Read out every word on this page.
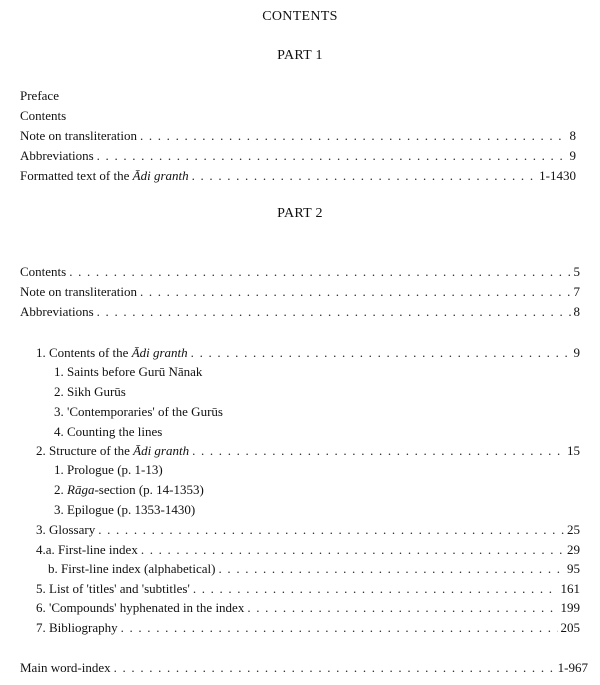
CONTENTS
PART 1
Preface
Contents
Note on transliteration . . .	8
Abbreviations . . .	9
Formatted text of the Ādi granth . . .	1-1430
PART 2
Contents . . .	5
Note on transliteration . . .	7
Abbreviations . . .	8
1. Contents of the Ādi granth . . .	9
1. Saints before Gurū Nānak
2. Sikh Gurūs
3. 'Contemporaries' of the Gurūs
4. Counting the lines
2. Structure of the Ādi granth . . .	15
1. Prologue (p. 1-13)
2. Rāga-section (p. 14-1353)
3. Epilogue (p. 1353-1430)
3. Glossary . . .	25
4.a. First-line index . . .	29
b. First-line index (alphabetical) . . .	95
5. List of 'titles' and 'subtitles' . . .	161
6. 'Compounds' hyphenated in the index . . .	199
7. Bibliography . . .	205
Main word-index . . .	1-967
